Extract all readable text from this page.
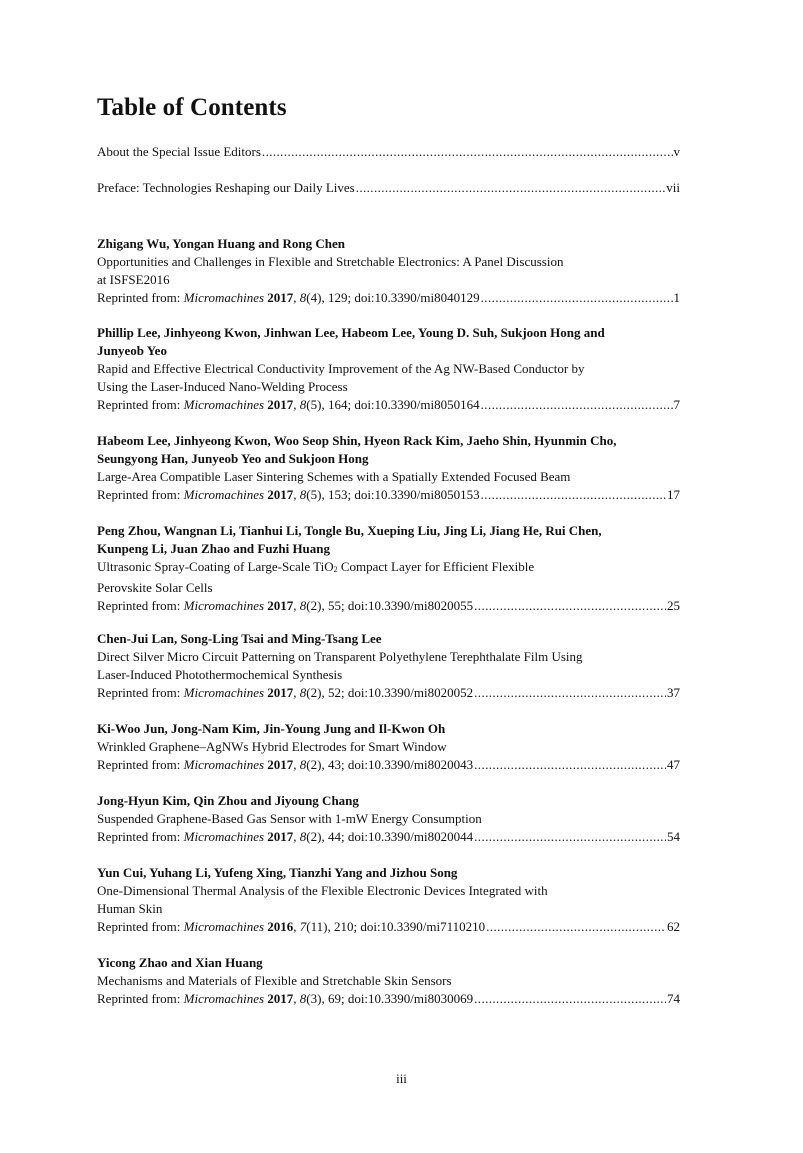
Table of Contents
About the Special Issue Editors .....	v
Preface: Technologies Reshaping our Daily Lives .....	vii
Zhigang Wu, Yongan Huang and Rong Chen
Opportunities and Challenges in Flexible and Stretchable Electronics: A Panel Discussion
at ISFSE2016
Reprinted from: Micromachines 2017, 8(4), 129; doi:10.3390/mi8040129 .....	1
Phillip Lee, Jinhyeong Kwon, Jinhwan Lee, Habeom Lee, Young D. Suh, Sukjoon Hong and
Junyeob Yeo
Rapid and Effective Electrical Conductivity Improvement of the Ag NW-Based Conductor by
Using the Laser-Induced Nano-Welding Process
Reprinted from: Micromachines 2017, 8(5), 164; doi:10.3390/mi8050164 .....	7
Habeom Lee, Jinhyeong Kwon, Woo Seop Shin, Hyeon Rack Kim, Jaeho Shin, Hyunmin Cho,
Seungyong Han, Junyeob Yeo and Sukjoon Hong
Large-Area Compatible Laser Sintering Schemes with a Spatially Extended Focused Beam
Reprinted from: Micromachines 2017, 8(5), 153; doi:10.3390/mi8050153 .....	17
Peng Zhou, Wangnan Li, Tianhui Li, Tongle Bu, Xueping Liu, Jing Li, Jiang He, Rui Chen,
Kunpeng Li, Juan Zhao and Fuzhi Huang
Ultrasonic Spray-Coating of Large-Scale TiO2 Compact Layer for Efficient Flexible
Perovskite Solar Cells
Reprinted from: Micromachines 2017, 8(2), 55; doi:10.3390/mi8020055 .....	25
Chen-Jui Lan, Song-Ling Tsai and Ming-Tsang Lee
Direct Silver Micro Circuit Patterning on Transparent Polyethylene Terephthalate Film Using
Laser-Induced Photothermochemical Synthesis
Reprinted from: Micromachines 2017, 8(2), 52; doi:10.3390/mi8020052 .....	37
Ki-Woo Jun, Jong-Nam Kim, Jin-Young Jung and Il-Kwon Oh
Wrinkled Graphene–AgNWs Hybrid Electrodes for Smart Window
Reprinted from: Micromachines 2017, 8(2), 43; doi:10.3390/mi8020043 .....	47
Jong-Hyun Kim, Qin Zhou and Jiyoung Chang
Suspended Graphene-Based Gas Sensor with 1-mW Energy Consumption
Reprinted from: Micromachines 2017, 8(2), 44; doi:10.3390/mi8020044 .....	54
Yun Cui, Yuhang Li, Yufeng Xing, Tianzhi Yang and Jizhou Song
One-Dimensional Thermal Analysis of the Flexible Electronic Devices Integrated with
Human Skin
Reprinted from: Micromachines 2016, 7(11), 210; doi:10.3390/mi7110210 .....	62
Yicong Zhao and Xian Huang
Mechanisms and Materials of Flexible and Stretchable Skin Sensors
Reprinted from: Micromachines 2017, 8(3), 69; doi:10.3390/mi8030069 .....	74
iii
